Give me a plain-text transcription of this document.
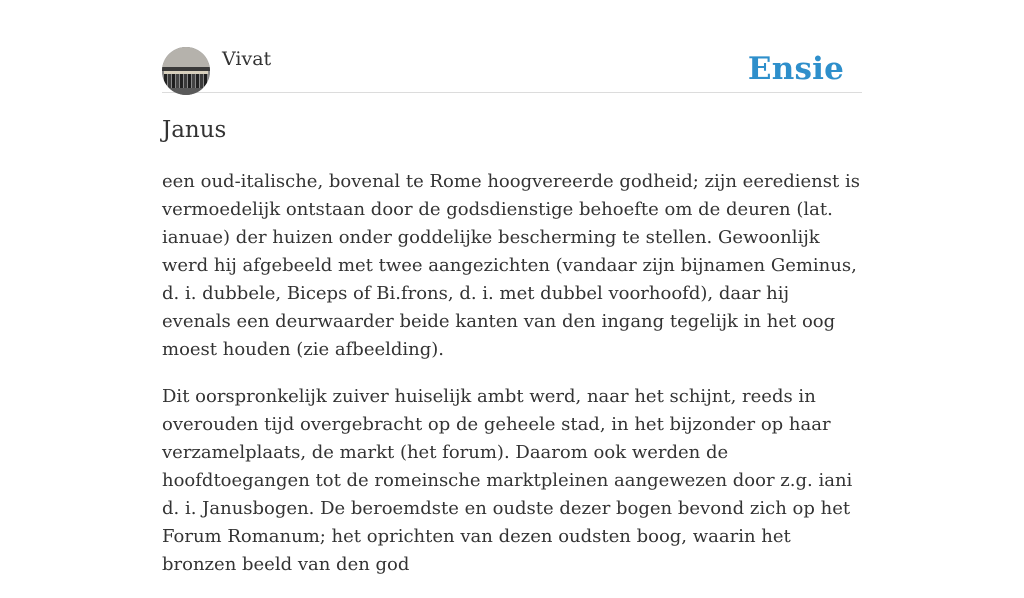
Vivat	Ensie
Janus

een oud-italische, bovenal te Rome hoogvereerde godheid; zijn eeredienst is vermoedelijk ontstaan door de godsdienstige behoefte om de deuren (lat. ianuae) der huizen onder goddelijke bescherming te stellen. Gewoonlijk werd hij afgebeeld met twee aangezichten (vandaar zijn bijnamen Geminus, d. i. dubbele, Biceps of Bi.frons, d. i. met dubbel voorhoofd), daar hij evenals een deurwaarder beide kanten van den ingang tegelijk in het oog moest houden (zie afbeelding).

Dit oorspronkelijk zuiver huiselijk ambt werd, naar het schijnt, reeds in overouden tijd overgebracht op de geheele stad, in het bijzonder op haar verzamelplaats, de markt (het forum). Daarom ook werden de hoofdtoegangen tot de romeinsche marktpleinen aangewezen door z.g. iani d. i. Janusbogen. De beroemdste en oudste dezer bogen bevond zich op het Forum Romanum; het oprichten van dezen oudsten boog, waarin het bronzen beeld van den god
